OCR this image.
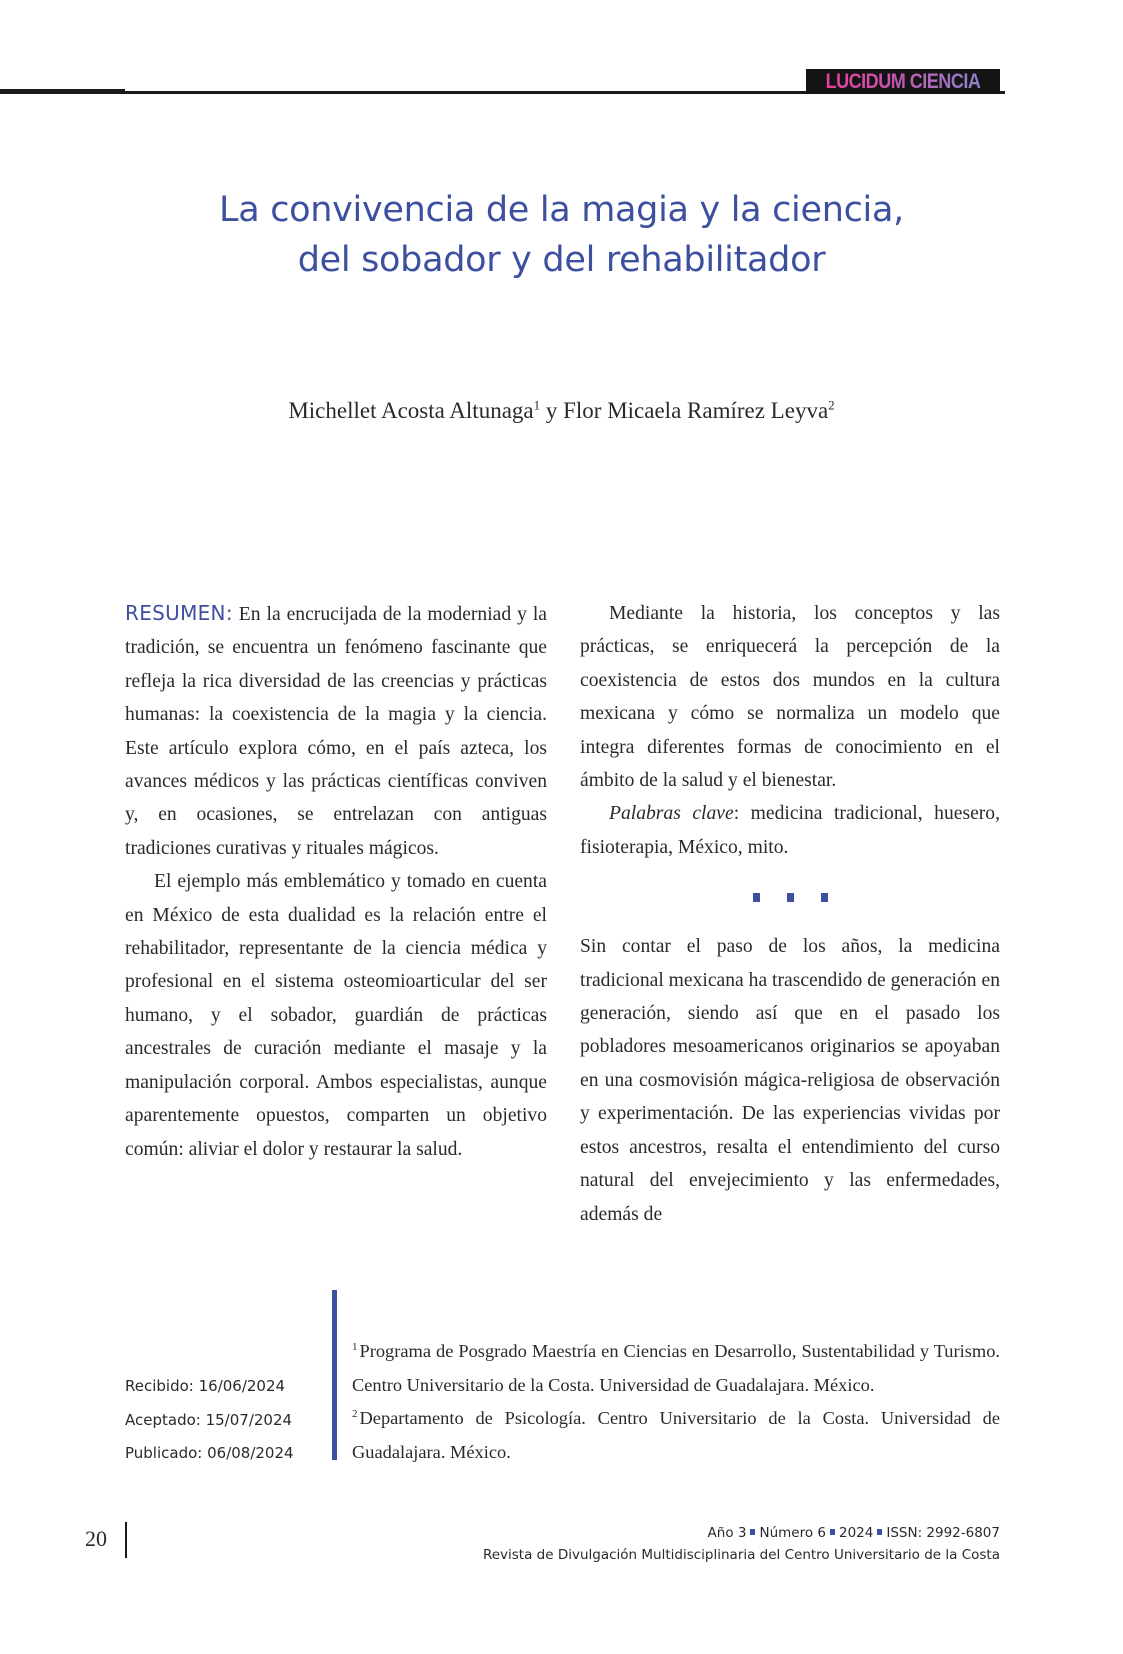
LUCIDUM CIENCIA
La convivencia de la magia y la ciencia,
del sobador y del rehabilitador
Michellet Acosta Altunaga$^1$ y Flor Micaela Ramírez Leyva$^2$

RESUMEN: En la encrucijada de la moderniad y la tradición, se encuentra un fenómeno fascinante que refleja la rica diversidad de las creencias y prácticas humanas: la coexistencia de la magia y la ciencia. Este artículo explora cómo, en el país azteca, los avances médicos y las prácticas científicas conviven y, en ocasiones, se entrelazan con antiguas tradiciones curativas y rituales mágicos.

El ejemplo más emblemático y tomado en cuenta en México de esta dualidad es la relación entre el rehabilitador, representante de la ciencia médica y profesional en el sistema osteomioarticular del ser humano, y el sobador, guardián de prácticas ancestrales de curación mediante el masaje y la manipulación corporal. Ambos especialistas, aunque aparentemente opuestos, comparten un objetivo común: aliviar el dolor y restaurar la salud.

Mediante la historia, los conceptos y las prácticas, se enriquecerá la percepción de la coexistencia de estos dos mundos en la cultura mexicana y cómo se normaliza un modelo que integra diferentes formas de conocimiento en el ámbito de la salud y el bienestar.

Palabras clave: medicina tradicional, huesero, fisioterapia, México, mito.

Sin contar el paso de los años, la medicina tradicional mexicana ha trascendido de generación en generación, siendo así que en el pasado los pobladores mesoamericanos originarios se apoyaban en una cosmovisión mágica-religiosa de observación y experimentación. De las experiencias vividas por estos ancestros, resalta el entendimiento del curso natural del envejecimiento y las enfermedades, además de

Recibido: 16/06/2024
Aceptado: 15/07/2024
Publicado: 06/08/2024

$^1$ Programa de Posgrado Maestría en Ciencias en Desarrollo, Sustentabilidad y Turismo. Centro Universitario de la Costa. Universidad de Guadalajara. México.

$^2$ Departamento de Psicología. Centro Universitario de la Costa. Universidad de Guadalajara. México.

20	Año 3 Número 6 2024 ISSN: 2992-6807
Revista de Divulgación Multidisciplinaria del Centro Universitario de la Costa
